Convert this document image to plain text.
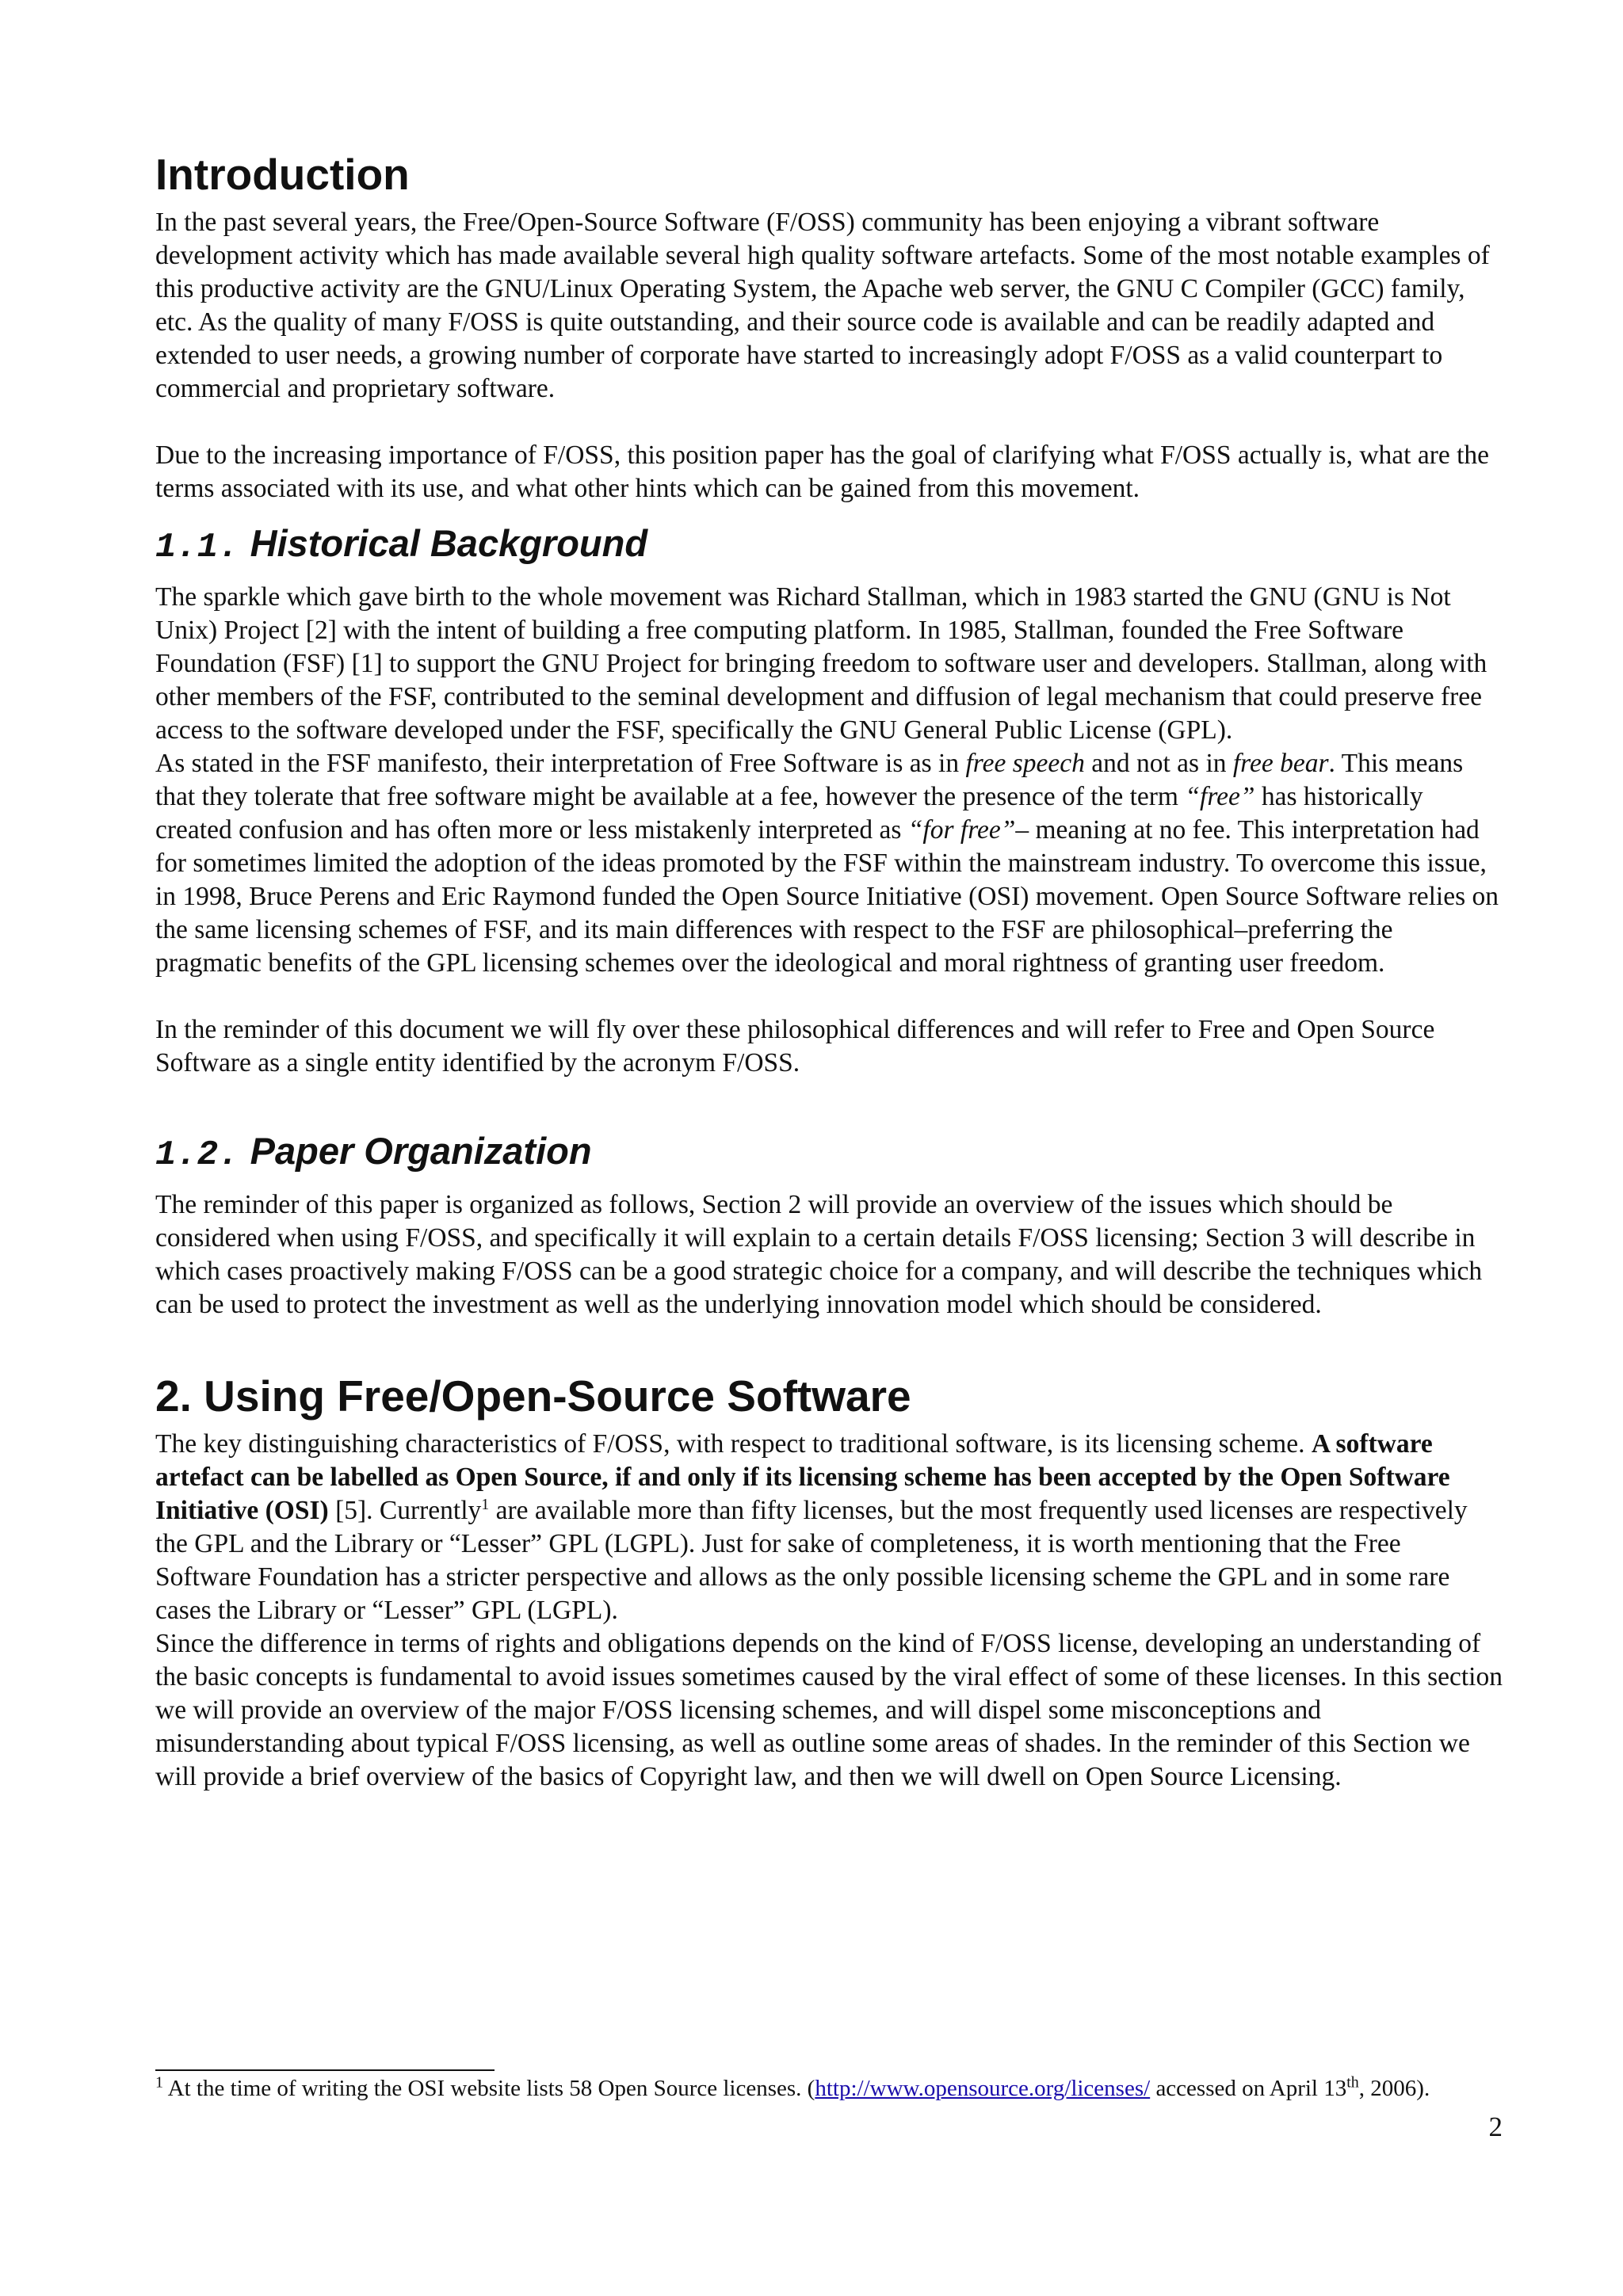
Introduction

In the past several years, the Free/Open-Source Software (F/OSS) community has been enjoying a vibrant software development activity which has made available several high quality software artefacts. Some of the most notable examples of this productive activity are the GNU/Linux Operating System, the Apache web server, the GNU C Compiler (GCC) family, etc. As the quality of many F/OSS is quite outstanding, and their source code is available and can be readily adapted and extended to user needs, a growing number of corporate have started to increasingly adopt F/OSS as a valid counterpart to commercial and proprietary software.

Due to the increasing importance of F/OSS, this position paper has the goal of clarifying what F/OSS actually is, what are the terms associated with its use, and what other hints which can be gained from this movement.

1.1. Historical Background

The sparkle which gave birth to the whole movement was Richard Stallman, which in 1983 started the GNU (GNU is Not Unix) Project [2] with the intent of building a free computing platform. In 1985, Stallman, founded the Free Software Foundation (FSF) [1] to support the GNU Project for bringing freedom to software user and developers. Stallman, along with other members of the FSF, contributed to the seminal development and diffusion of legal mechanism that could preserve free access to the software developed under the FSF, specifically the GNU General Public License (GPL).

As stated in the FSF manifesto, their interpretation of Free Software is as in free speech and not as in free bear. This means that they tolerate that free software might be available at a fee, however the presence of the term “free” has historically created confusion and has often more or less mistakenly interpreted as “for free”– meaning at no fee. This interpretation had for sometimes limited the adoption of the ideas promoted by the FSF within the mainstream industry. To overcome this issue, in 1998, Bruce Perens and Eric Raymond funded the Open Source Initiative (OSI) movement. Open Source Software relies on the same licensing schemes of FSF, and its main differences with respect to the FSF are philosophical–preferring the pragmatic benefits of the GPL licensing schemes over the ideological and moral rightness of granting user freedom.

In the reminder of this document we will fly over these philosophical differences and will refer to Free and Open Source Software as a single entity identified by the acronym F/OSS.

1.2. Paper Organization

The reminder of this paper is organized as follows, Section 2 will provide an overview of the issues which should be considered when using F/OSS, and specifically it will explain to a certain details F/OSS licensing; Section 3 will describe in which cases proactively making F/OSS can be a good strategic choice for a company, and will describe the techniques which can be used to protect the investment as well as the underlying innovation model which should be considered.

2. Using Free/Open-Source Software

The key distinguishing characteristics of F/OSS, with respect to traditional software, is its licensing scheme. A software artefact can be labelled as Open Source, if and only if its licensing scheme has been accepted by the Open Software Initiative (OSI) [5]. Currently$^1$ are available more than fifty licenses, but the most frequently used licenses are respectively the GPL and the Library or “Lesser” GPL (LGPL). Just for sake of completeness, it is worth mentioning that the Free Software Foundation has a stricter perspective and allows as the only possible licensing scheme the GPL and in some rare cases the Library or “Lesser” GPL (LGPL).

Since the difference in terms of rights and obligations depends on the kind of F/OSS license, developing an understanding of the basic concepts is fundamental to avoid issues sometimes caused by the viral effect of some of these licenses. In this section we will provide an overview of the major F/OSS licensing schemes, and will dispel some misconceptions and misunderstanding about typical F/OSS licensing, as well as outline some areas of shades. In the reminder of this Section we will provide a brief overview of the basics of Copyright law, and then we will dwell on Open Source Licensing.

$^1$ At the time of writing the OSI website lists 58 Open Source licenses. (http://www.opensource.org/licenses/ accessed on April 13th, 2006).

2
